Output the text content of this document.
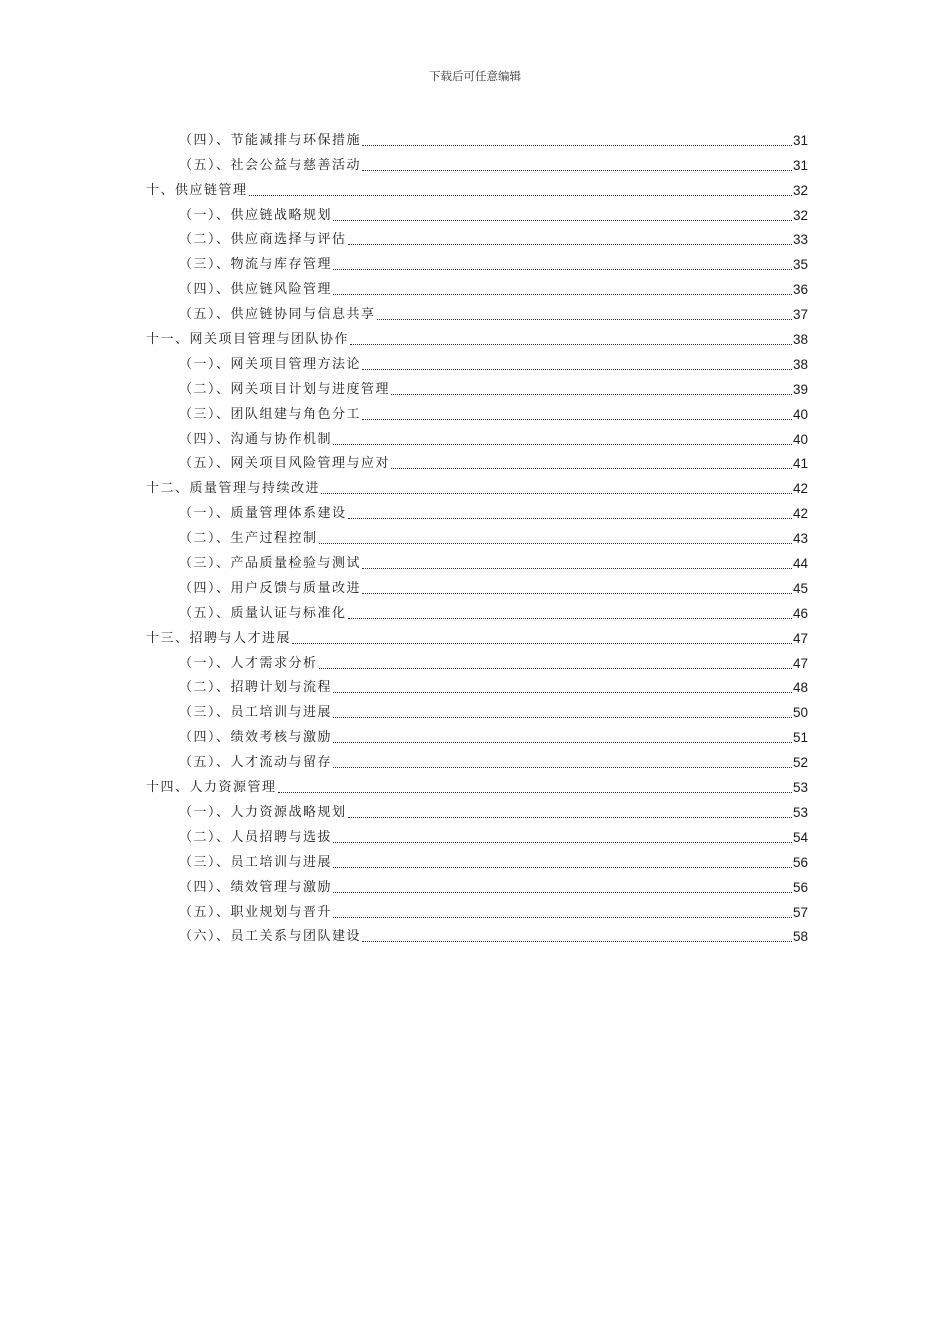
下载后可任意编辑
（四）、节能减排与环保措施	31
（五）、社会公益与慈善活动	31
十、供应链管理	32
（一）、供应链战略规划	32
（二）、供应商选择与评估	33
（三）、物流与库存管理	35
（四）、供应链风险管理	36
（五）、供应链协同与信息共享	37
十一、网关项目管理与团队协作	38
（一）、网关项目管理方法论	38
（二）、网关项目计划与进度管理	39
（三）、团队组建与角色分工	40
（四）、沟通与协作机制	40
（五）、网关项目风险管理与应对	41
十二、质量管理与持续改进	42
（一）、质量管理体系建设	42
（二）、生产过程控制	43
（三）、产品质量检验与测试	44
（四）、用户反馈与质量改进	45
（五）、质量认证与标准化	46
十三、招聘与人才进展	47
（一）、人才需求分析	47
（二）、招聘计划与流程	48
（三）、员工培训与进展	50
（四）、绩效考核与激励	51
（五）、人才流动与留存	52
十四、人力资源管理	53
（一）、人力资源战略规划	53
（二）、人员招聘与选拔	54
（三）、员工培训与进展	56
（四）、绩效管理与激励	56
（五）、职业规划与晋升	57
（六）、员工关系与团队建设	58
